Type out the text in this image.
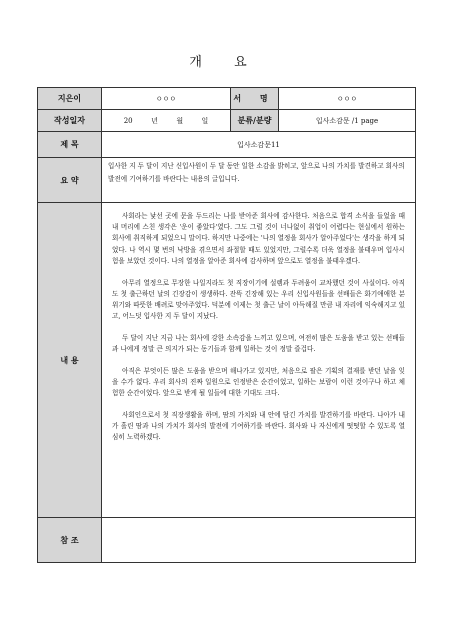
개 요
지은이	ㅇㅇㅇ	서 명	ㅇㅇㅇ
작성일자	20 년 월 일	분류/분량	입사소감문 /1 page
제 목	입사소감문11		
요 약	입사한 지 두 달이 지난 신입사원이 두 달 동안 일한 소감을 밝히고, 앞으로 나의 가치를 발견하고 회사의 발전에 기여하기를 바란다는 내용의 글입니다.		
내 용	사회라는 낯선 곳에 문을 두드리는 나를 받아준 회사에 감사한다. 처음으로 합격 소식을 들었을 때 내 머리에 스친 생각은 '운이 좋았다'였다. 그도 그럴 것이 너나없이 취업이 어렵다는 현실에서 원하는 회사에 취직하게 되었으니 말이다. 하지만 나중에는 '나의 열정을 회사가 알아주었다'는 생각을 하게 되었다. 나 역시 몇 번의 낙방을 겪으면서 좌절할 때도 있었지만, 그럴수록 더욱 열정을 불태우며 입사시험을 보았던 것이다. 나의 열정을 알아준 회사에 감사하며 앞으로도 열정을 불태우겠다.

아무리 열정으로 무장한 나일지라도 첫 직장이기에 설렘과 두려움이 교차했던 것이 사실이다. 아직도 첫 출근하던 날의 긴장감이 생생하다. 잔뜩 긴장해 있는 우리 신입사원들을 선배들은 화기애애한 분위기와 따뜻한 배려로 맞아주었다. 덕분에 이제는 첫 출근 날이 아득해질 만큼 내 자리에 익숙해지고 있고, 어느덧 입사한 지 두 달이 지났다.

두 달이 지난 지금 나는 회사에 강한 소속감을 느끼고 있으며, 여전히 많은 도움을 받고 있는 선배들과 나에게 정말 큰 의지가 되는 동기들과 함께 일하는 것이 정말 즐겁다.

아직은 부엇이든 많은 도움을 받으며 해나가고 있지만, 처음으로 팔은 기획의 결재를 받던 날을 잊을 수가 없다. 우리 회사의 진짜 일원으로 인정받은 순간이었고, 일하는 보람이 이런 것이구나 하고 체험한 순간이었다. 앞으로 받게 될 일들에 대한 기대도 크다.

사회인으로서 첫 직장생활을 하며, 땀의 가치와 내 안에 담긴 가치를 발견하기를 바란다. 나아가 내가 흘린 땀과 나의 가치가 회사의 발전에 기여하기를 바란다. 회사와 나 자신에게 떳떳할 수 있도록 열심히 노력하겠다.		

참 조			
